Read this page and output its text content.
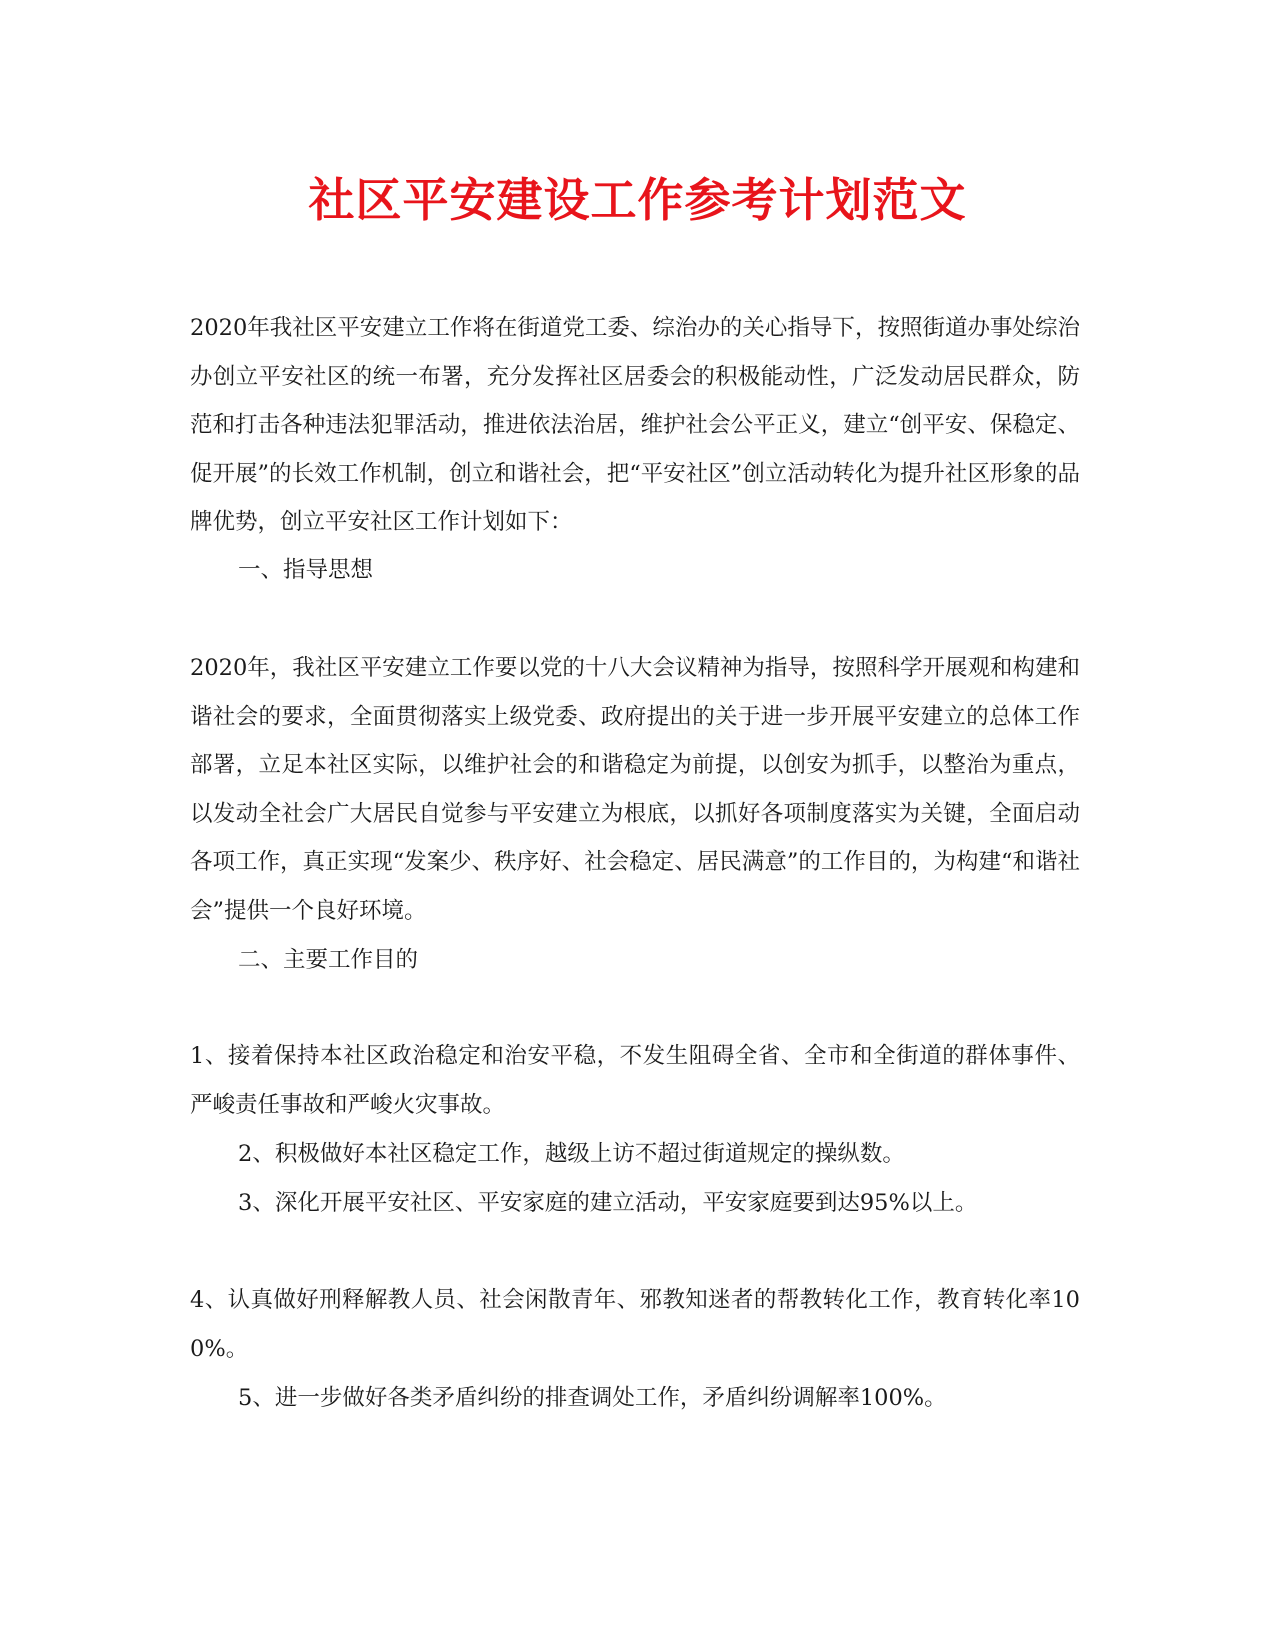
社区平安建设工作参考计划范文

2020年我社区平安建立工作将在街道党工委、综治办的关心指导下，按照街道办事处综治办创立平安社区的统一布署，充分发挥社区居委会的积极能动性，广泛发动居民群众，防范和打击各种违法犯罪活动，推进依法治居，维护社会公平正义，建立“创平安、保稳定、促开展”的长效工作机制，创立和谐社会，把“平安社区”创立活动转化为提升社区形象的品牌优势，创立平安社区工作计划如下：

一、指导思想

2020年，我社区平安建立工作要以党的十八大会议精神为指导，按照科学开展观和构建和谐社会的要求，全面贯彻落实上级党委、政府提出的关于进一步开展平安建立的总体工作部署，立足本社区实际，以维护社会的和谐稳定为前提，以创安为抓手，以整治为重点，以发动全社会广大居民自觉参与平安建立为根底，以抓好各项制度落实为关键，全面启动各项工作，真正实现“发案少、秩序好、社会稳定、居民满意”的工作目的，为构建“和谐社会”提供一个良好环境。

二、主要工作目的

1、接着保持本社区政治稳定和治安平稳，不发生阻碍全省、全市和全街道的群体事件、严峻责任事故和严峻火灾事故。

2、积极做好本社区稳定工作，越级上访不超过街道规定的操纵数。

3、深化开展平安社区、平安家庭的建立活动，平安家庭要到达95%以上。

4、认真做好刑释解教人员、社会闲散青年、邪教知迷者的帮教转化工作，教育转化率100%。

5、进一步做好各类矛盾纠纷的排查调处工作，矛盾纠纷调解率100%。
